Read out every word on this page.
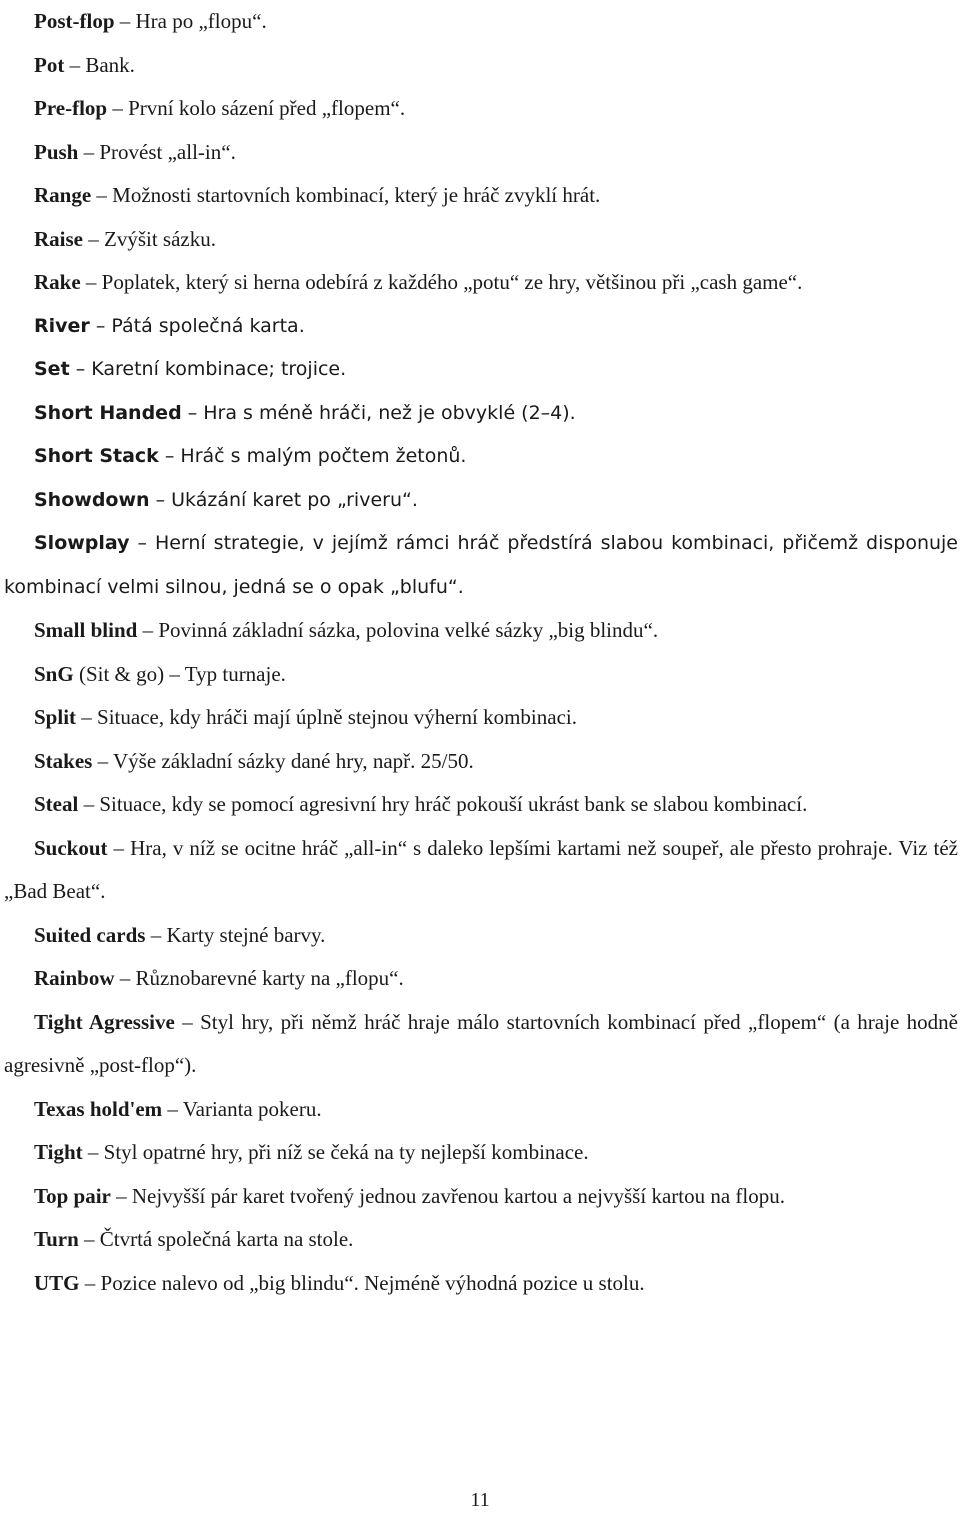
Post-flop – Hra po „flopu“.

Pot – Bank.

Pre-flop – První kolo sázení před „flopem“.

Push – Provést „all-in“.

Range – Možnosti startovních kombinací, který je hráč zvyklí hrát.

Raise – Zvýšit sázku.

Rake – Poplatek, který si herna odebírá z každého „potu“ ze hry, většinou při „cash game“.

River – Pátá společná karta.

Set – Karetní kombinace; trojice.

Short Handed – Hra s méně hráči, než je obvyklé (2–4).

Short Stack – Hráč s malým počtem žetonů.

Showdown – Ukázání karet po „riveru“.

Slowplay – Herní strategie, v jejímž rámci hráč předstírá slabou kombinaci, přičemž disponuje kombinací velmi silnou, jedná se o opak „blufu“.

Small blind – Povinná základní sázka, polovina velké sázky „big blindu“.

SnG (Sit & go) – Typ turnaje.

Split – Situace, kdy hráči mají úplně stejnou výherní kombinaci.

Stakes – Výše základní sázky dané hry, např. 25/50.

Steal – Situace, kdy se pomocí agresivní hry hráč pokouší ukrást bank se slabou kombinací.

Suckout – Hra, v níž se ocitne hráč „all-in“ s daleko lepšími kartami než soupeř, ale přesto prohraje. Viz též „Bad Beat“.

Suited cards – Karty stejné barvy.

Rainbow – Různobarevné karty na „flopu“.

Tight Agressive – Styl hry, při němž hráč hraje málo startovních kombinací před „flopem“ (a hraje hodně agresivně „post-flop“).

Texas hold'em – Varianta pokeru.

Tight – Styl opatrné hry, při níž se čeká na ty nejlepší kombinace.

Top pair – Nejvyšší pár karet tvořený jednou zavřenou kartou a nejvyšší kartou na flopu.

Turn – Čtvrtá společná karta na stole.

UTG – Pozice nalevo od „big blindu“. Nejméně výhodná pozice u stolu.

11
